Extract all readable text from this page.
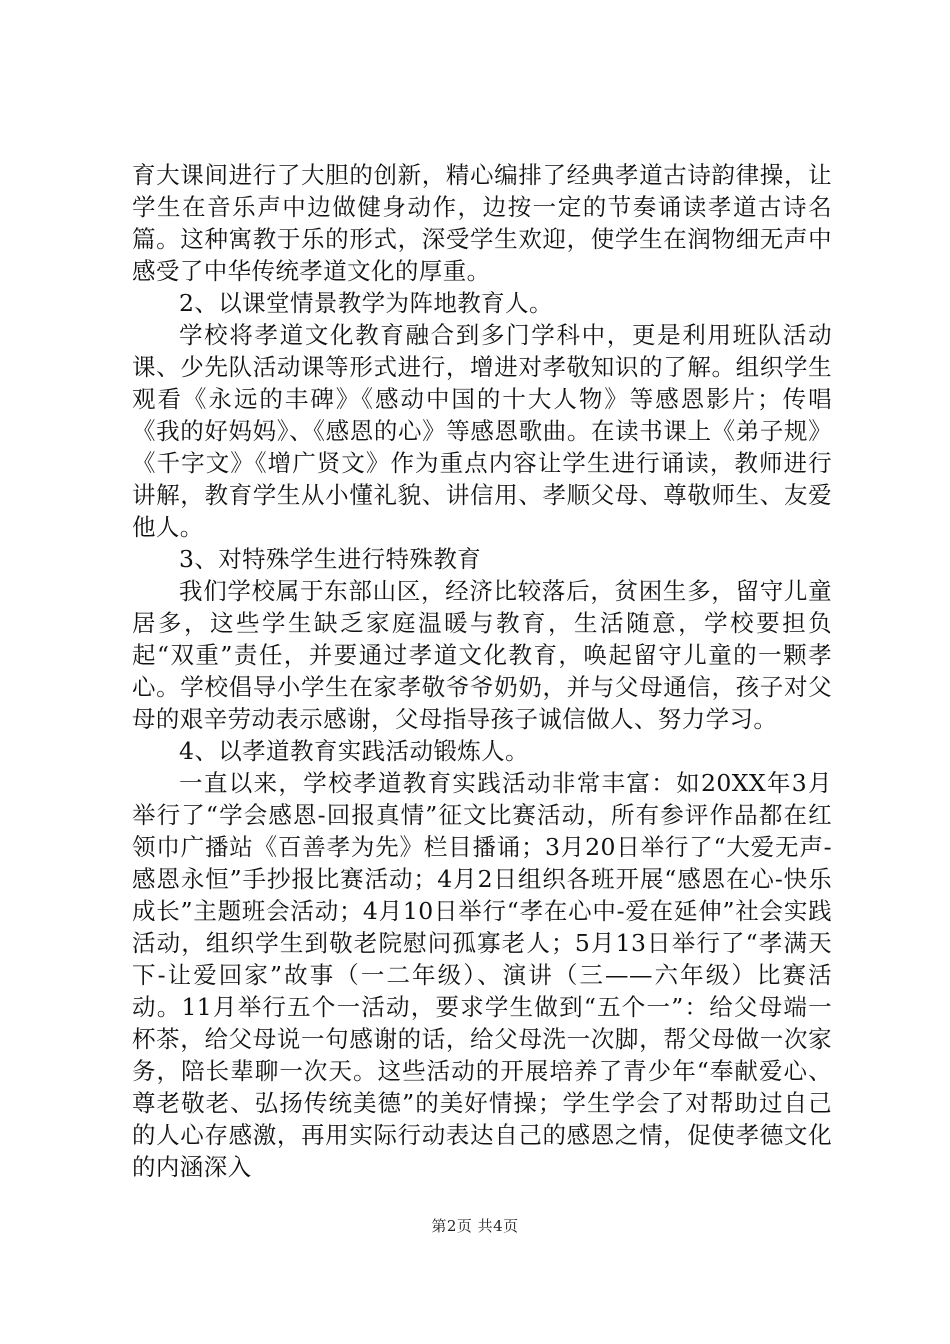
育大课间进行了大胆的创新，精心编排了经典孝道古诗韵律操，让学生在音乐声中边做健身动作，边按一定的节奏诵读孝道古诗名篇。这种寓教于乐的形式，深受学生欢迎，使学生在润物细无声中感受了中华传统孝道文化的厚重。

2、以课堂情景教学为阵地教育人。

学校将孝道文化教育融合到多门学科中，更是利用班队活动课、少先队活动课等形式进行，增进对孝敬知识的了解。组织学生观看《永远的丰碑》《感动中国的十大人物》等感恩影片；传唱《我的好妈妈》、《感恩的心》等感恩歌曲。在读书课上《弟子规》《千字文》《增广贤文》作为重点内容让学生进行诵读，教师进行讲解，教育学生从小懂礼貌、讲信用、孝顺父母、尊敬师生、友爱他人。

3、对特殊学生进行特殊教育

我们学校属于东部山区，经济比较落后，贫困生多，留守儿童居多，这些学生缺乏家庭温暖与教育，生活随意，学校要担负起“双重”责任，并要通过孝道文化教育，唤起留守儿童的一颗孝心。学校倡导小学生在家孝敬爷爷奶奶，并与父母通信，孩子对父母的艰辛劳动表示感谢，父母指导孩子诚信做人、努力学习。

4、以孝道教育实践活动锻炼人。

一直以来，学校孝道教育实践活动非常丰富：如20XX年3月举行了“学会感恩-回报真情”征文比赛活动，所有参评作品都在红领巾广播站《百善孝为先》栏目播诵；3月20日举行了“大爱无声-感恩永恒”手抄报比赛活动；4月2日组织各班开展“感恩在心-快乐成长”主题班会活动；4月10日举行“孝在心中-爱在延伸”社会实践活动，组织学生到敬老院慰问孤寡老人；5月13日举行了“孝满天下-让爱回家”故事（一二年级）、演讲（三——六年级）比赛活动。11月举行五个一活动，要求学生做到“五个一”：给父母端一杯茶，给父母说一句感谢的话，给父母洗一次脚，帮父母做一次家务，陪长辈聊一次天。这些活动的开展培养了青少年“奉献爱心、尊老敬老、弘扬传统美德”的美好情操；学生学会了对帮助过自己的人心存感激，再用实际行动表达自己的感恩之情，促使孝德文化的内涵深入

第2页 共4页
